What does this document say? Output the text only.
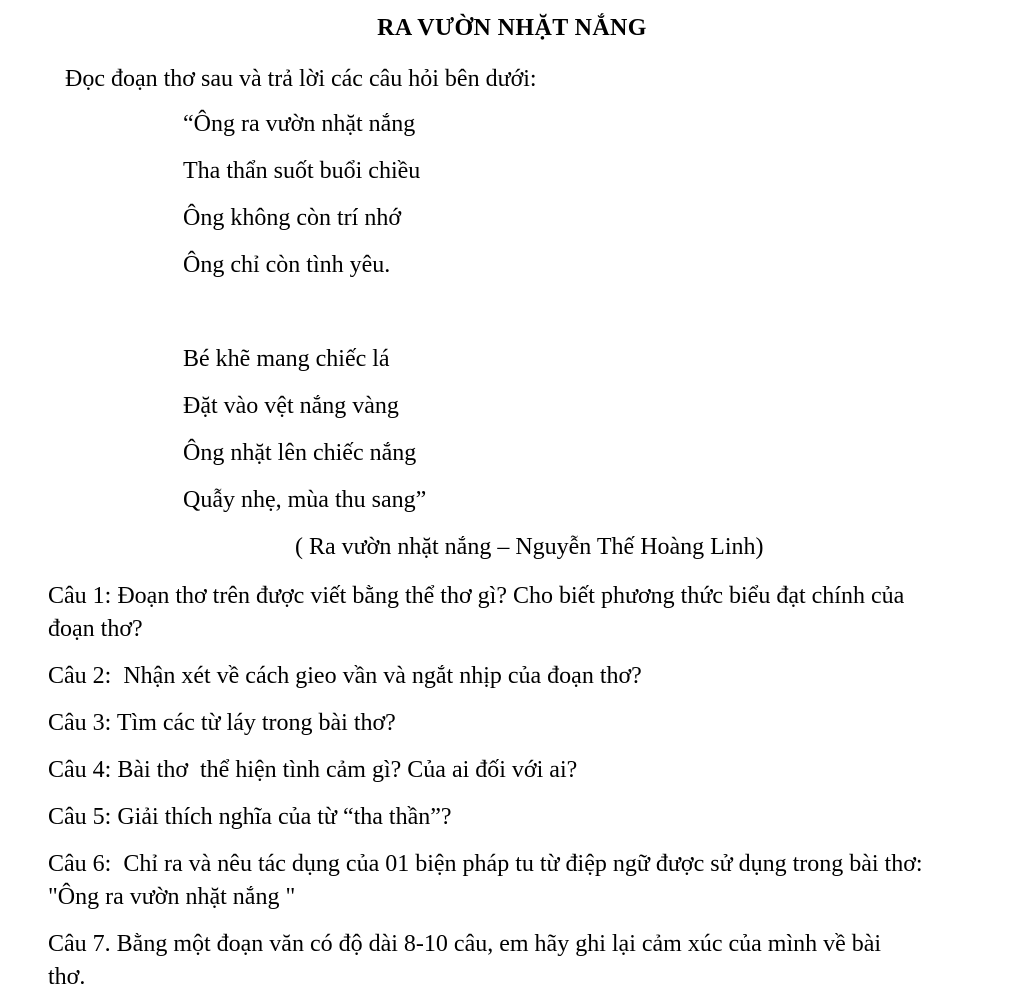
RA VƯỜN NHẶT NẮNG

Đọc đoạn thơ sau và trả lời các câu hỏi bên dưới:

“Ông ra vườn nhặt nắng
Tha thẩn suốt buổi chiều
Ông không còn trí nhớ
Ông chỉ còn tình yêu.
Bé khẽ mang chiếc lá
Đặt vào vệt nắng vàng
Ông nhặt lên chiếc nắng
Quẫy nhẹ, mùa thu sang”

( Ra vườn nhặt nắng – Nguyễn Thế Hoàng Linh)

Câu 1: Đoạn thơ trên được viết bằng thể thơ gì? Cho biết phương thức biểu đạt chính của đoạn thơ?

Câu 2:  Nhận xét về cách gieo vần và ngắt nhịp của đoạn thơ?

Câu 3: Tìm các từ láy trong bài thơ?

Câu 4: Bài thơ  thể hiện tình cảm gì? Của ai đối với ai?

Câu 5: Giải thích nghĩa của từ “tha thần”?

Câu 6:  Chỉ ra và nêu tác dụng của 01 biện pháp tu từ điệp ngữ được sử dụng trong bài thơ: "Ông ra vườn nhặt nắng "

Câu 7. Bằng một đoạn văn có độ dài 8-10 câu, em hãy ghi lại cảm xúc của mình về bài thơ.
